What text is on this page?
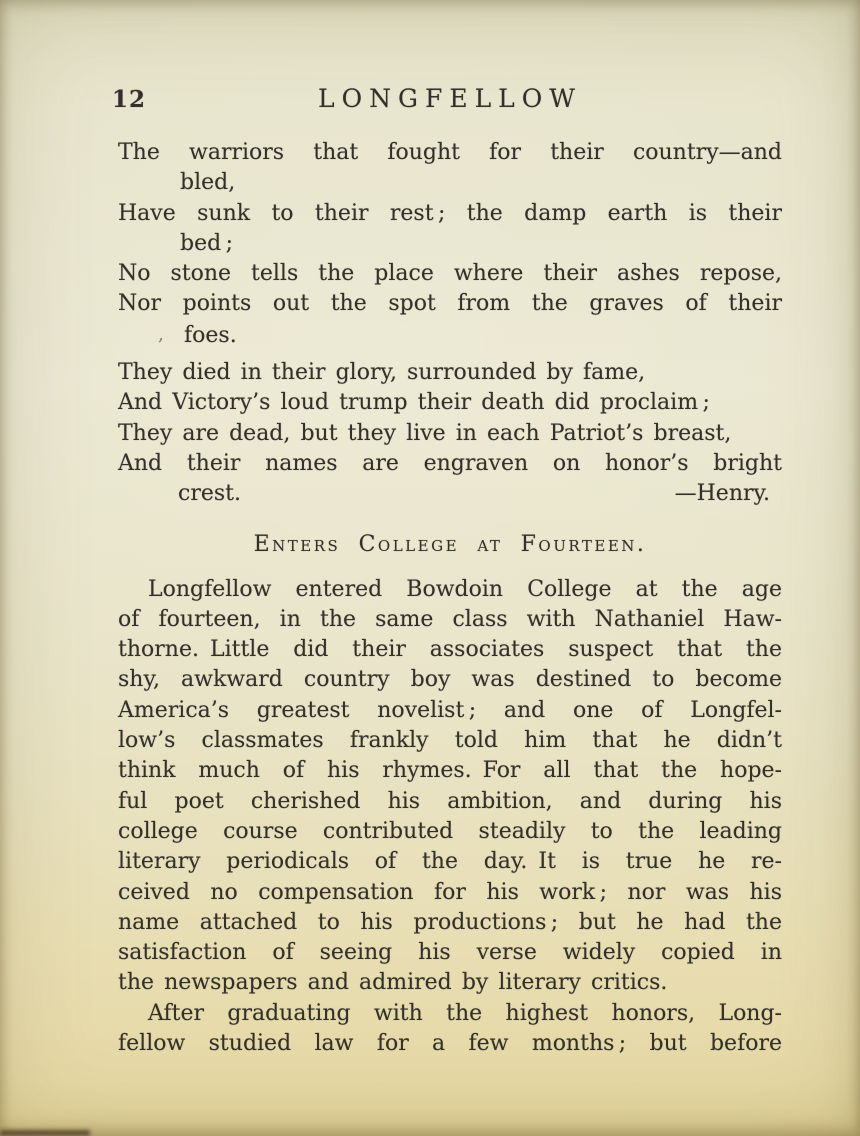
12	LONGFELLOW
The warriors that fought for their country—and
bled,
Have sunk to their rest ; the damp earth is their
bed ;
No stone tells the place where their ashes repose,
Nor points out the spot from the graves of their
‚ foes.
They died in their glory, surrounded by fame,
And Victory’s loud trump their death did proclaim ;
They are dead, but they live in each Patriot’s breast,
And their names are engraven on honor’s bright
crest.	—Henry.
Enters College at Fourteen.
Longfellow entered Bowdoin College at the age
of fourteen, in the same class with Nathaniel Haw-
thorne. Little did their associates suspect that the
shy, awkward country boy was destined to become
America’s greatest novelist ; and one of Longfel-
low’s classmates frankly told him that he didn’t
think much of his rhymes. For all that the hope-
ful poet cherished his ambition, and during his
college course contributed steadily to the leading
literary periodicals of the day. It is true he re-
ceived no compensation for his work ; nor was his
name attached to his productions ; but he had the
satisfaction of seeing his verse widely copied in
the newspapers and admired by literary critics.
After graduating with the highest honors, Long-
fellow studied law for a few months ; but before
